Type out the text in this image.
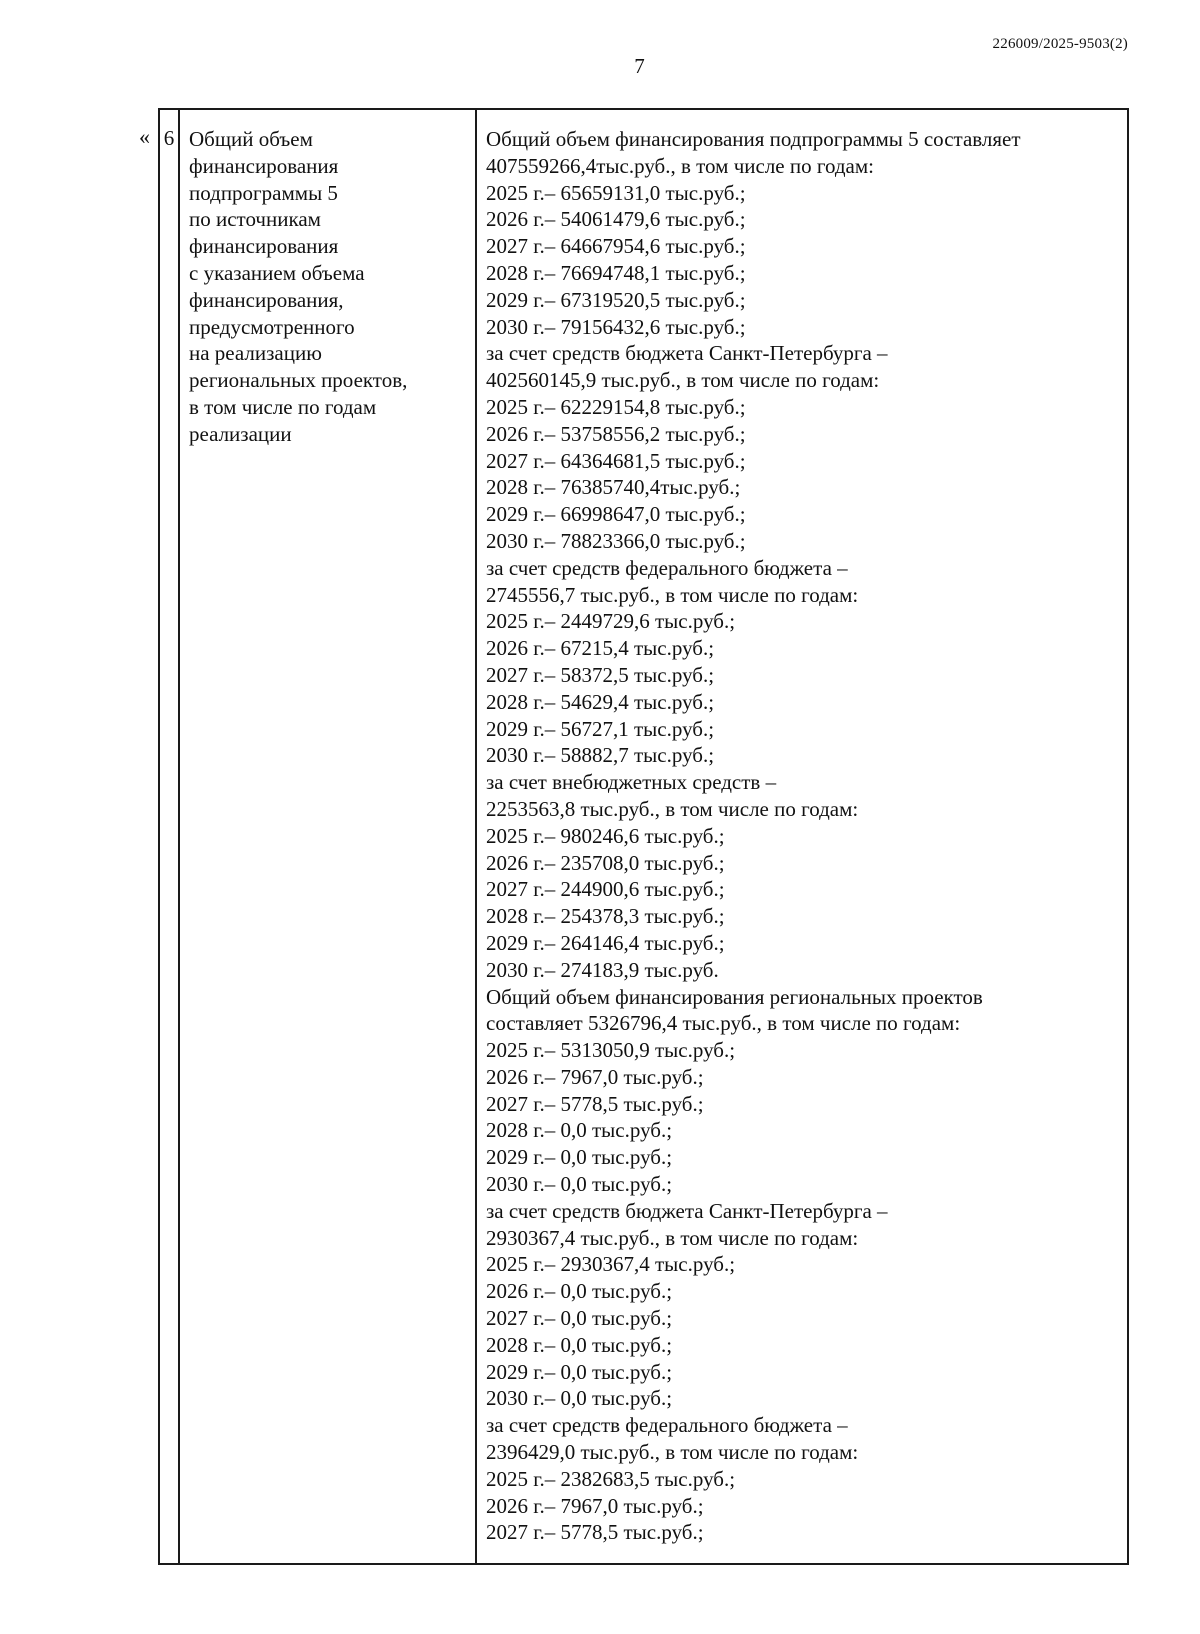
226009/2025-9503(2)
7
« 6 Общий объем
финансирования
подпрограммы 5
по источникам
финансирования
с указанием объема
финансирования,
предусмотренного
на реализацию
региональных проектов,
в том числе по годам
реализации
Общий объем финансирования подпрограммы 5 составляет
407559266,4тыс.руб., в том числе по годам:
2025 г.– 65659131,0 тыс.руб.;
2026 г.– 54061479,6 тыс.руб.;
2027 г.– 64667954,6 тыс.руб.;
2028 г.– 76694748,1 тыс.руб.;
2029 г.– 67319520,5 тыс.руб.;
2030 г.– 79156432,6 тыс.руб.;
за счет средств бюджета Санкт-Петербурга –
402560145,9 тыс.руб., в том числе по годам:
2025 г.– 62229154,8 тыс.руб.;
2026 г.– 53758556,2 тыс.руб.;
2027 г.– 64364681,5 тыс.руб.;
2028 г.– 76385740,4тыс.руб.;
2029 г.– 66998647,0 тыс.руб.;
2030 г.– 78823366,0 тыс.руб.;
за счет средств федерального бюджета –
2745556,7 тыс.руб., в том числе по годам:
2025 г.– 2449729,6 тыс.руб.;
2026 г.– 67215,4 тыс.руб.;
2027 г.– 58372,5 тыс.руб.;
2028 г.– 54629,4 тыс.руб.;
2029 г.– 56727,1 тыс.руб.;
2030 г.– 58882,7 тыс.руб.;
за счет внебюджетных средств –
2253563,8 тыс.руб., в том числе по годам:
2025 г.– 980246,6 тыс.руб.;
2026 г.– 235708,0 тыс.руб.;
2027 г.– 244900,6 тыс.руб.;
2028 г.– 254378,3 тыс.руб.;
2029 г.– 264146,4 тыс.руб.;
2030 г.– 274183,9 тыс.руб.
Общий объем финансирования региональных проектов
составляет 5326796,4 тыс.руб., в том числе по годам:
2025 г.– 5313050,9 тыс.руб.;
2026 г.– 7967,0 тыс.руб.;
2027 г.– 5778,5 тыс.руб.;
2028 г.– 0,0 тыс.руб.;
2029 г.– 0,0 тыс.руб.;
2030 г.– 0,0 тыс.руб.;
за счет средств бюджета Санкт-Петербурга –
2930367,4 тыс.руб., в том числе по годам:
2025 г.– 2930367,4 тыс.руб.;
2026 г.– 0,0 тыс.руб.;
2027 г.– 0,0 тыс.руб.;
2028 г.– 0,0 тыс.руб.;
2029 г.– 0,0 тыс.руб.;
2030 г.– 0,0 тыс.руб.;
за счет средств федерального бюджета –
2396429,0 тыс.руб., в том числе по годам:
2025 г.– 2382683,5 тыс.руб.;
2026 г.– 7967,0 тыс.руб.;
2027 г.– 5778,5 тыс.руб.;
